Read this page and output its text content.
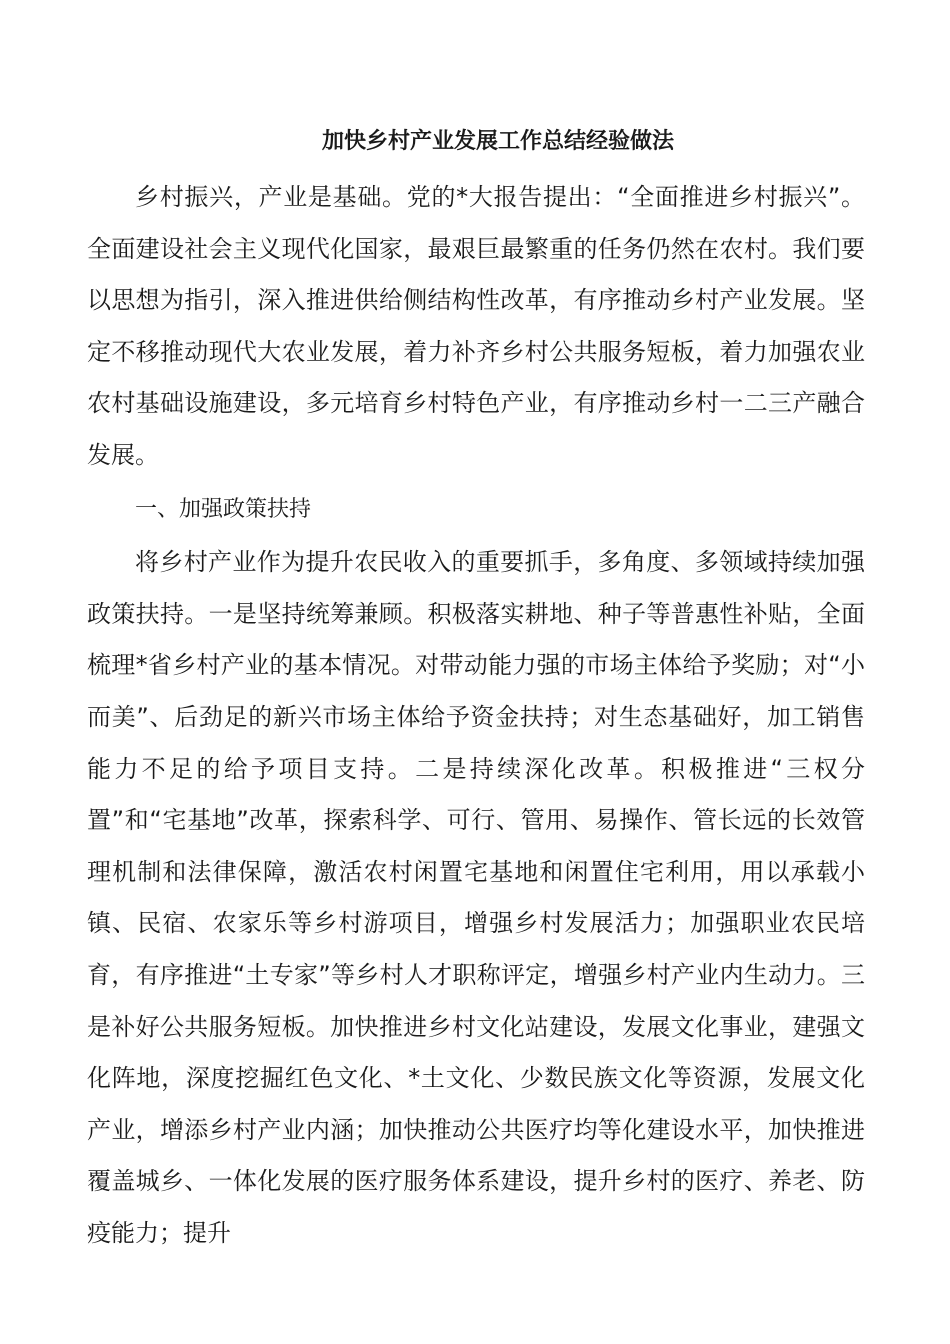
加快乡村产业发展工作总结经验做法

乡村振兴，产业是基础。党的*大报告提出：“全面推进乡村振兴”。全面建设社会主义现代化国家，最艰巨最繁重的任务仍然在农村。我们要以思想为指引，深入推进供给侧结构性改革，有序推动乡村产业发展。坚定不移推动现代大农业发展，着力补齐乡村公共服务短板，着力加强农业农村基础设施建设，多元培育乡村特色产业，有序推动乡村一二三产融合发展。

一、加强政策扶持

将乡村产业作为提升农民收入的重要抓手，多角度、多领域持续加强政策扶持。一是坚持统筹兼顾。积极落实耕地、种子等普惠性补贴，全面梳理*省乡村产业的基本情况。对带动能力强的市场主体给予奖励；对“小而美”、后劲足的新兴市场主体给予资金扶持；对生态基础好，加工销售能力不足的给予项目支持。二是持续深化改革。积极推进“三权分置”和“宅基地”改革，探索科学、可行、管用、易操作、管长远的长效管理机制和法律保障，激活农村闲置宅基地和闲置住宅利用，用以承载小镇、民宿、农家乐等乡村游项目，增强乡村发展活力；加强职业农民培育，有序推进“土专家”等乡村人才职称评定，增强乡村产业内生动力。三是补好公共服务短板。加快推进乡村文化站建设，发展文化事业，建强文化阵地，深度挖掘红色文化、*土文化、少数民族文化等资源，发展文化产业，增添乡村产业内涵；加快推动公共医疗均等化建设水平，加快推进覆盖城乡、一体化发展的医疗服务体系建设，提升乡村的医疗、养老、防疫能力；提升
